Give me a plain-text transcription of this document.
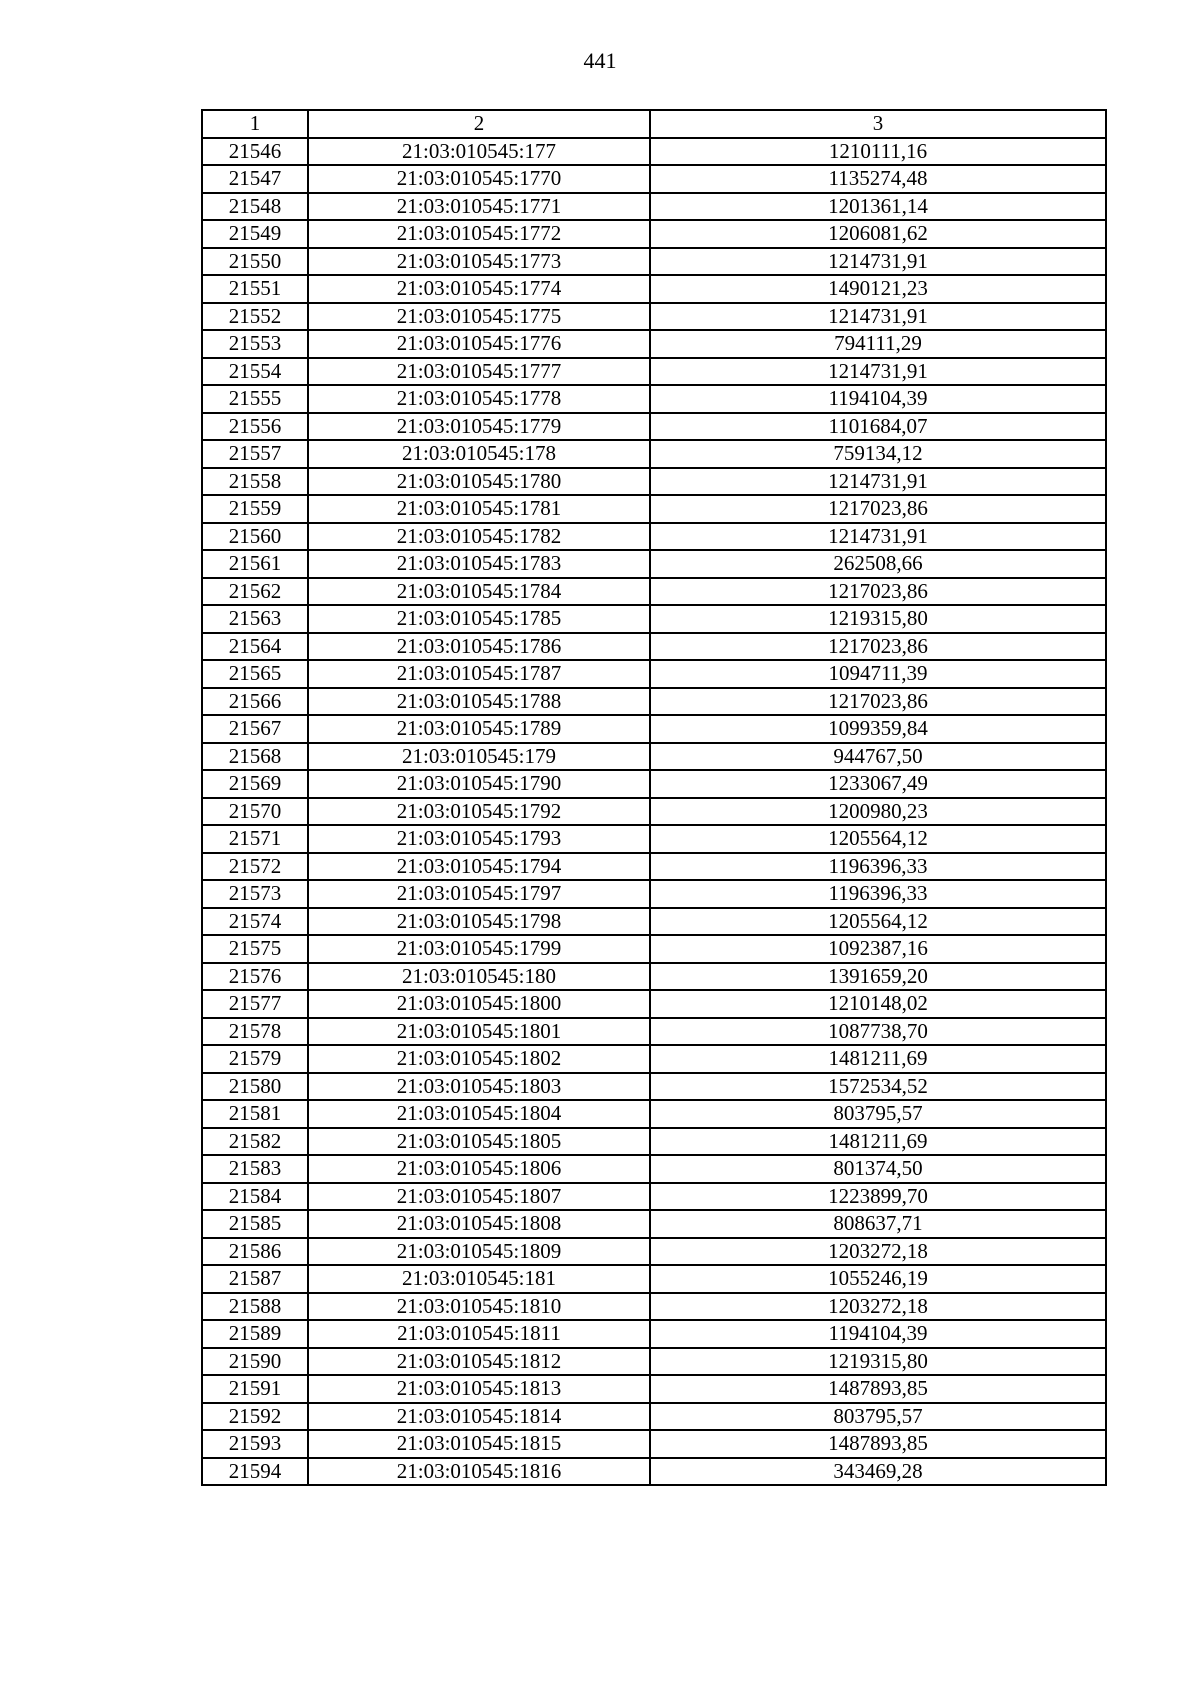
441
1	2	3
21546	21:03:010545:177	1210111,16
21547	21:03:010545:1770	1135274,48
21548	21:03:010545:1771	1201361,14
21549	21:03:010545:1772	1206081,62
21550	21:03:010545:1773	1214731,91
21551	21:03:010545:1774	1490121,23
21552	21:03:010545:1775	1214731,91
21553	21:03:010545:1776	794111,29
21554	21:03:010545:1777	1214731,91
21555	21:03:010545:1778	1194104,39
21556	21:03:010545:1779	1101684,07
21557	21:03:010545:178	759134,12
21558	21:03:010545:1780	1214731,91
21559	21:03:010545:1781	1217023,86
21560	21:03:010545:1782	1214731,91
21561	21:03:010545:1783	262508,66
21562	21:03:010545:1784	1217023,86
21563	21:03:010545:1785	1219315,80
21564	21:03:010545:1786	1217023,86
21565	21:03:010545:1787	1094711,39
21566	21:03:010545:1788	1217023,86
21567	21:03:010545:1789	1099359,84
21568	21:03:010545:179	944767,50
21569	21:03:010545:1790	1233067,49
21570	21:03:010545:1792	1200980,23
21571	21:03:010545:1793	1205564,12
21572	21:03:010545:1794	1196396,33
21573	21:03:010545:1797	1196396,33
21574	21:03:010545:1798	1205564,12
21575	21:03:010545:1799	1092387,16
21576	21:03:010545:180	1391659,20
21577	21:03:010545:1800	1210148,02
21578	21:03:010545:1801	1087738,70
21579	21:03:010545:1802	1481211,69
21580	21:03:010545:1803	1572534,52
21581	21:03:010545:1804	803795,57
21582	21:03:010545:1805	1481211,69
21583	21:03:010545:1806	801374,50
21584	21:03:010545:1807	1223899,70
21585	21:03:010545:1808	808637,71
21586	21:03:010545:1809	1203272,18
21587	21:03:010545:181	1055246,19
21588	21:03:010545:1810	1203272,18
21589	21:03:010545:1811	1194104,39
21590	21:03:010545:1812	1219315,80
21591	21:03:010545:1813	1487893,85
21592	21:03:010545:1814	803795,57
21593	21:03:010545:1815	1487893,85
21594	21:03:010545:1816	343469,28
